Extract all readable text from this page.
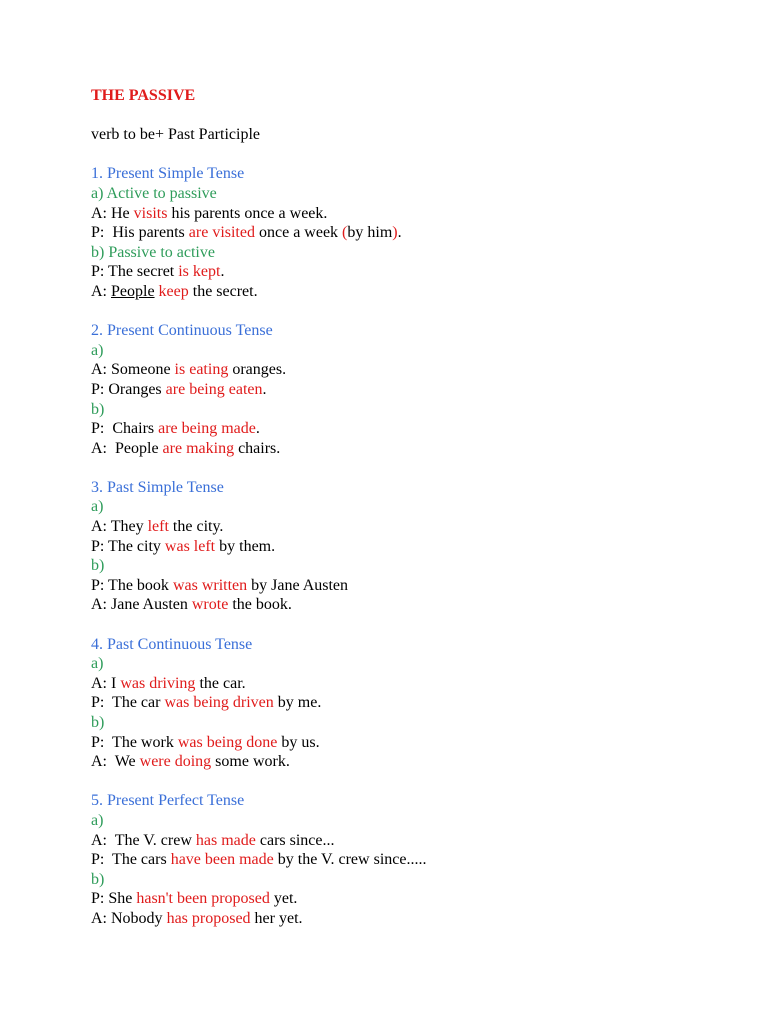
THE PASSIVE
verb to be+ Past Participle
1. Present Simple Tense
a) Active to passive
A: He visits his parents once a week.
P:  His parents are visited once a week (by him).
b) Passive to active
P: The secret is kept.
A: People keep the secret.
2. Present Continuous Tense
a)
A: Someone is eating oranges.
P: Oranges are being eaten.
b)
P:  Chairs are being made.
A:  People are making chairs.
3. Past Simple Tense
a)
A: They left the city.
P: The city was left by them.
b)
P: The book was written by Jane Austen
A: Jane Austen wrote the book.
4. Past Continuous Tense
a)
A: I was driving the car.
P:  The car was being driven by me.
b)
P:  The work was being done by us.
A:  We were doing some work.
5. Present Perfect Tense
a)
A:  The V. crew has made cars since...
P:  The cars have been made by the V. crew since.....
b)
P: She hasn't been proposed yet.
A: Nobody has proposed her yet.
